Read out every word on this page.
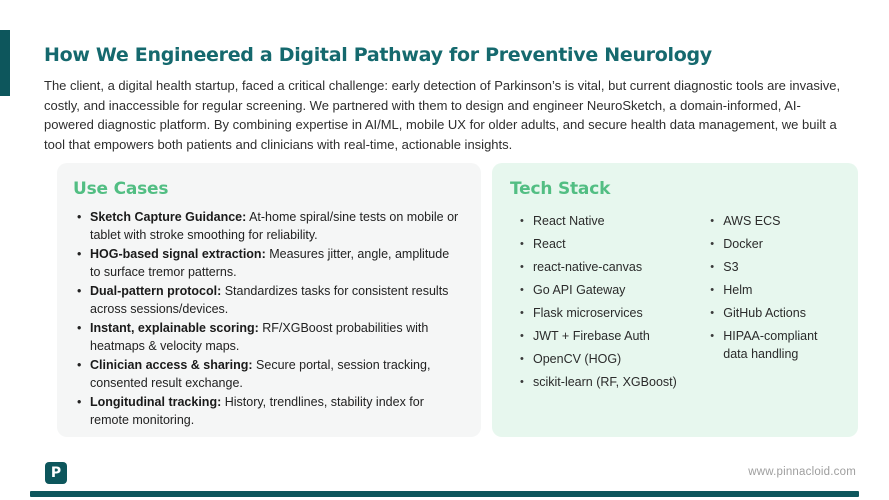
How We Engineered a Digital Pathway for Preventive Neurology

The client, a digital health startup, faced a critical challenge: early detection of Parkinson’s is vital, but current diagnostic tools are invasive, costly, and inaccessible for regular screening. We partnered with them to design and engineer NeuroSketch, a domain-informed, AI-powered diagnostic platform. By combining expertise in AI/ML, mobile UX for older adults, and secure health data management, we built a tool that empowers both patients and clinicians with real-time, actionable insights.

Use Cases
• Sketch Capture Guidance: At-home spiral/sine tests on mobile or tablet with stroke smoothing for reliability.
• HOG-based signal extraction: Measures jitter, angle, amplitude to surface tremor patterns.
• Dual-pattern protocol: Standardizes tasks for consistent results across sessions/devices.
• Instant, explainable scoring: RF/XGBoost probabilities with heatmaps & velocity maps.
• Clinician access & sharing: Secure portal, session tracking, consented result exchange.
• Longitudinal tracking: History, trendlines, stability index for remote monitoring.
Tech Stack
• React Native
• React
• react-native-canvas
• Go API Gateway
• Flask microservices
• JWT + Firebase Auth
• OpenCV (HOG)
• scikit-learn (RF, XGBoost)
• AWS ECS
• Docker
• S3
• Helm
• GitHub Actions
• HIPAA-compliant data handling
P	www.pinnacloid.com
